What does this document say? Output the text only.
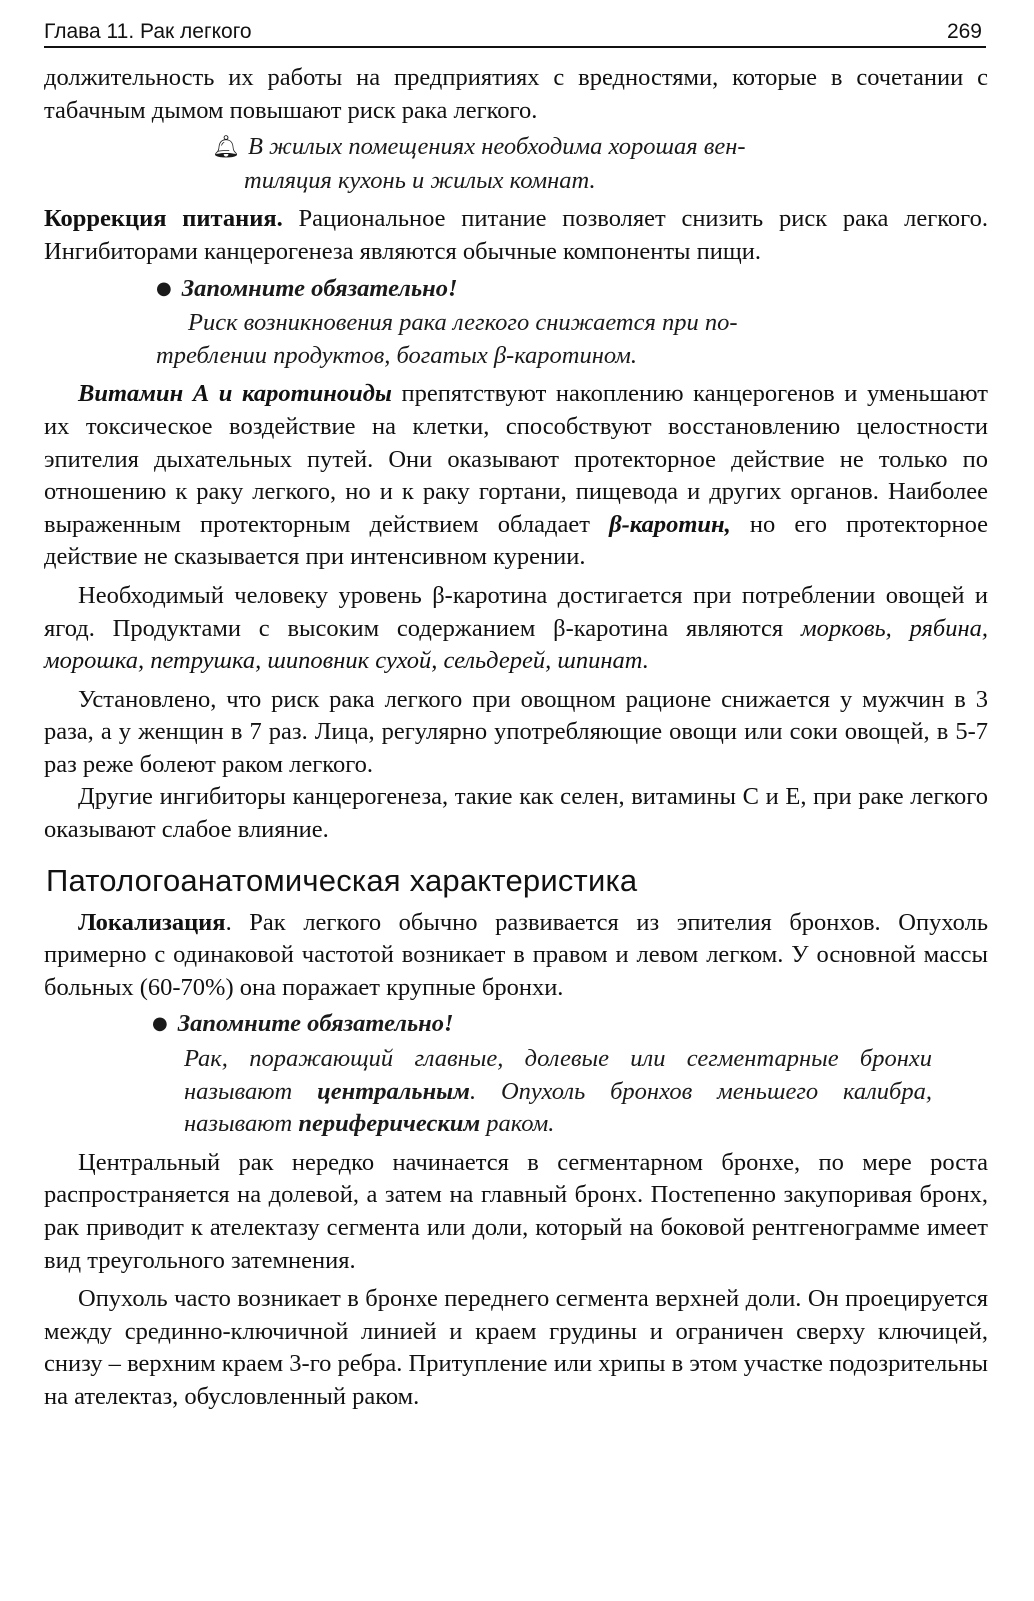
Глава 11. Рак легкого	269

должительность их работы на предприятиях с вредностями, которые в сочетании с табачным дымом повышают риск рака легкого.

🔔︎ В жилых помещениях необходима хорошая вен-
тиляция кухонь и жилых комнат.

Коррекция питания. Рациональное питание позволяет снизить риск рака легкого. Ингибиторами канцерогенеза являются обычные компоненты пищи.

● Запомните обязательно!
Риск возникновения рака легкого снижается при по-
треблении продуктов, богатых β-каротином.

Витамин А и каротиноиды препятствуют накоплению канцерогенов и уменьшают их токсическое воздействие на клетки, способствуют восстановлению целостности эпителия дыхательных путей. Они оказывают протекторное действие не только по отношению к раку легкого, но и к раку гортани, пищевода и других органов. Наиболее выраженным протекторным действием обладает β-каротин, но его протекторное действие не сказывается при интенсивном курении.

Необходимый человеку уровень β-каротина достигается при потреблении овощей и ягод. Продуктами с высоким содержанием β-каротина являются морковь, рябина, морошка, петрушка, шиповник сухой, сельдерей, шпинат.

Установлено, что риск рака легкого при овощном рационе снижается у мужчин в 3 раза, а у женщин в 7 раз. Лица, регулярно употребляющие овощи или соки овощей, в 5-7 раз реже болеют раком легкого.

Другие ингибиторы канцерогенеза, такие как селен, витамины С и Е, при раке легкого оказывают слабое влияние.

Патологоанатомическая характеристика

Локализация. Рак легкого обычно развивается из эпителия бронхов. Опухоль примерно с одинаковой частотой возникает в правом и левом легком. У основной массы больных (60-70%) она поражает крупные бронхи.

● Запомните обязательно!
Рак, поражающий главные, долевые или сегментарные бронхи называют центральным. Опухоль бронхов меньшего калибра, называют периферическим раком.

Центральный рак нередко начинается в сегментарном бронхе, по мере роста распространяется на долевой, а затем на главный бронх. Постепенно закупоривая бронх, рак приводит к ателектазу сегмента или доли, который на боковой рентгенограмме имеет вид треугольного затемнения.

Опухоль часто возникает в бронхе переднего сегмента верхней доли. Он проецируется между срединно-ключичной линией и краем грудины и ограничен сверху ключицей, снизу – верхним краем 3-го ребра. Притупление или хрипы в этом участке подозрительны на ателектаз, обусловленный раком.
